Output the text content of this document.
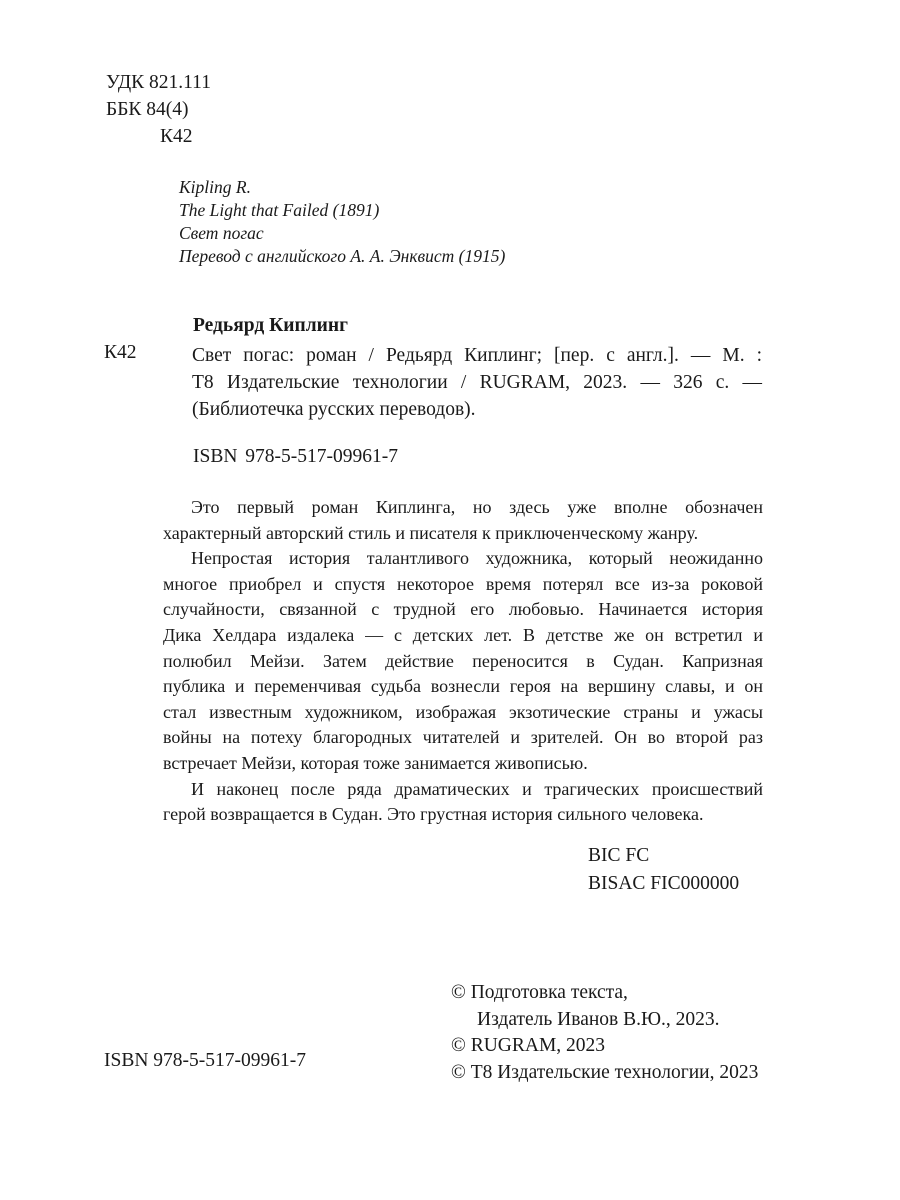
УДК 821.111
ББК 84(4)
К42
Kipling R.
The Light that Failed (1891)
Свет погас
Перевод с английского А. А. Энквист (1915)
Редьярд Киплинг
К42	Свет погас: роман / Редьярд Киплинг; [пер. с англ.]. — М. :
Т8 Издательские технологии / RUGRAM, 2023. — 326 с. —
(Библиотечка русских переводов).
ISBN 978-5-517-09961-7
Это первый роман Киплинга, но здесь уже вполне обозначен
характерный авторский стиль и писателя к приключенческому жанру.
Непростая история талантливого художника, который неожиданно
многое приобрел и спустя некоторое время потерял все из-за роковой
случайности, связанной с трудной его любовью. Начинается история
Дика Хелдара издалека — с детских лет. В детстве же он встретил и
полюбил Мейзи. Затем действие переносится в Судан. Капризная
публика и переменчивая судьба вознесли героя на вершину славы, и он
стал известным художником, изображая экзотические страны и ужасы
войны на потеху благородных читателей и зрителей. Он во второй раз
встречает Мейзи, которая тоже занимается живописью.
И наконец после ряда драматических и трагических происшествий
герой возвращается в Судан. Это грустная история сильного человека.
BIC FC
BISAC FIC000000
© Подготовка текста,
Издатель Иванов В.Ю., 2023.
© RUGRAM, 2023
© Т8 Издательские технологии, 2023
ISBN 978-5-517-09961-7
